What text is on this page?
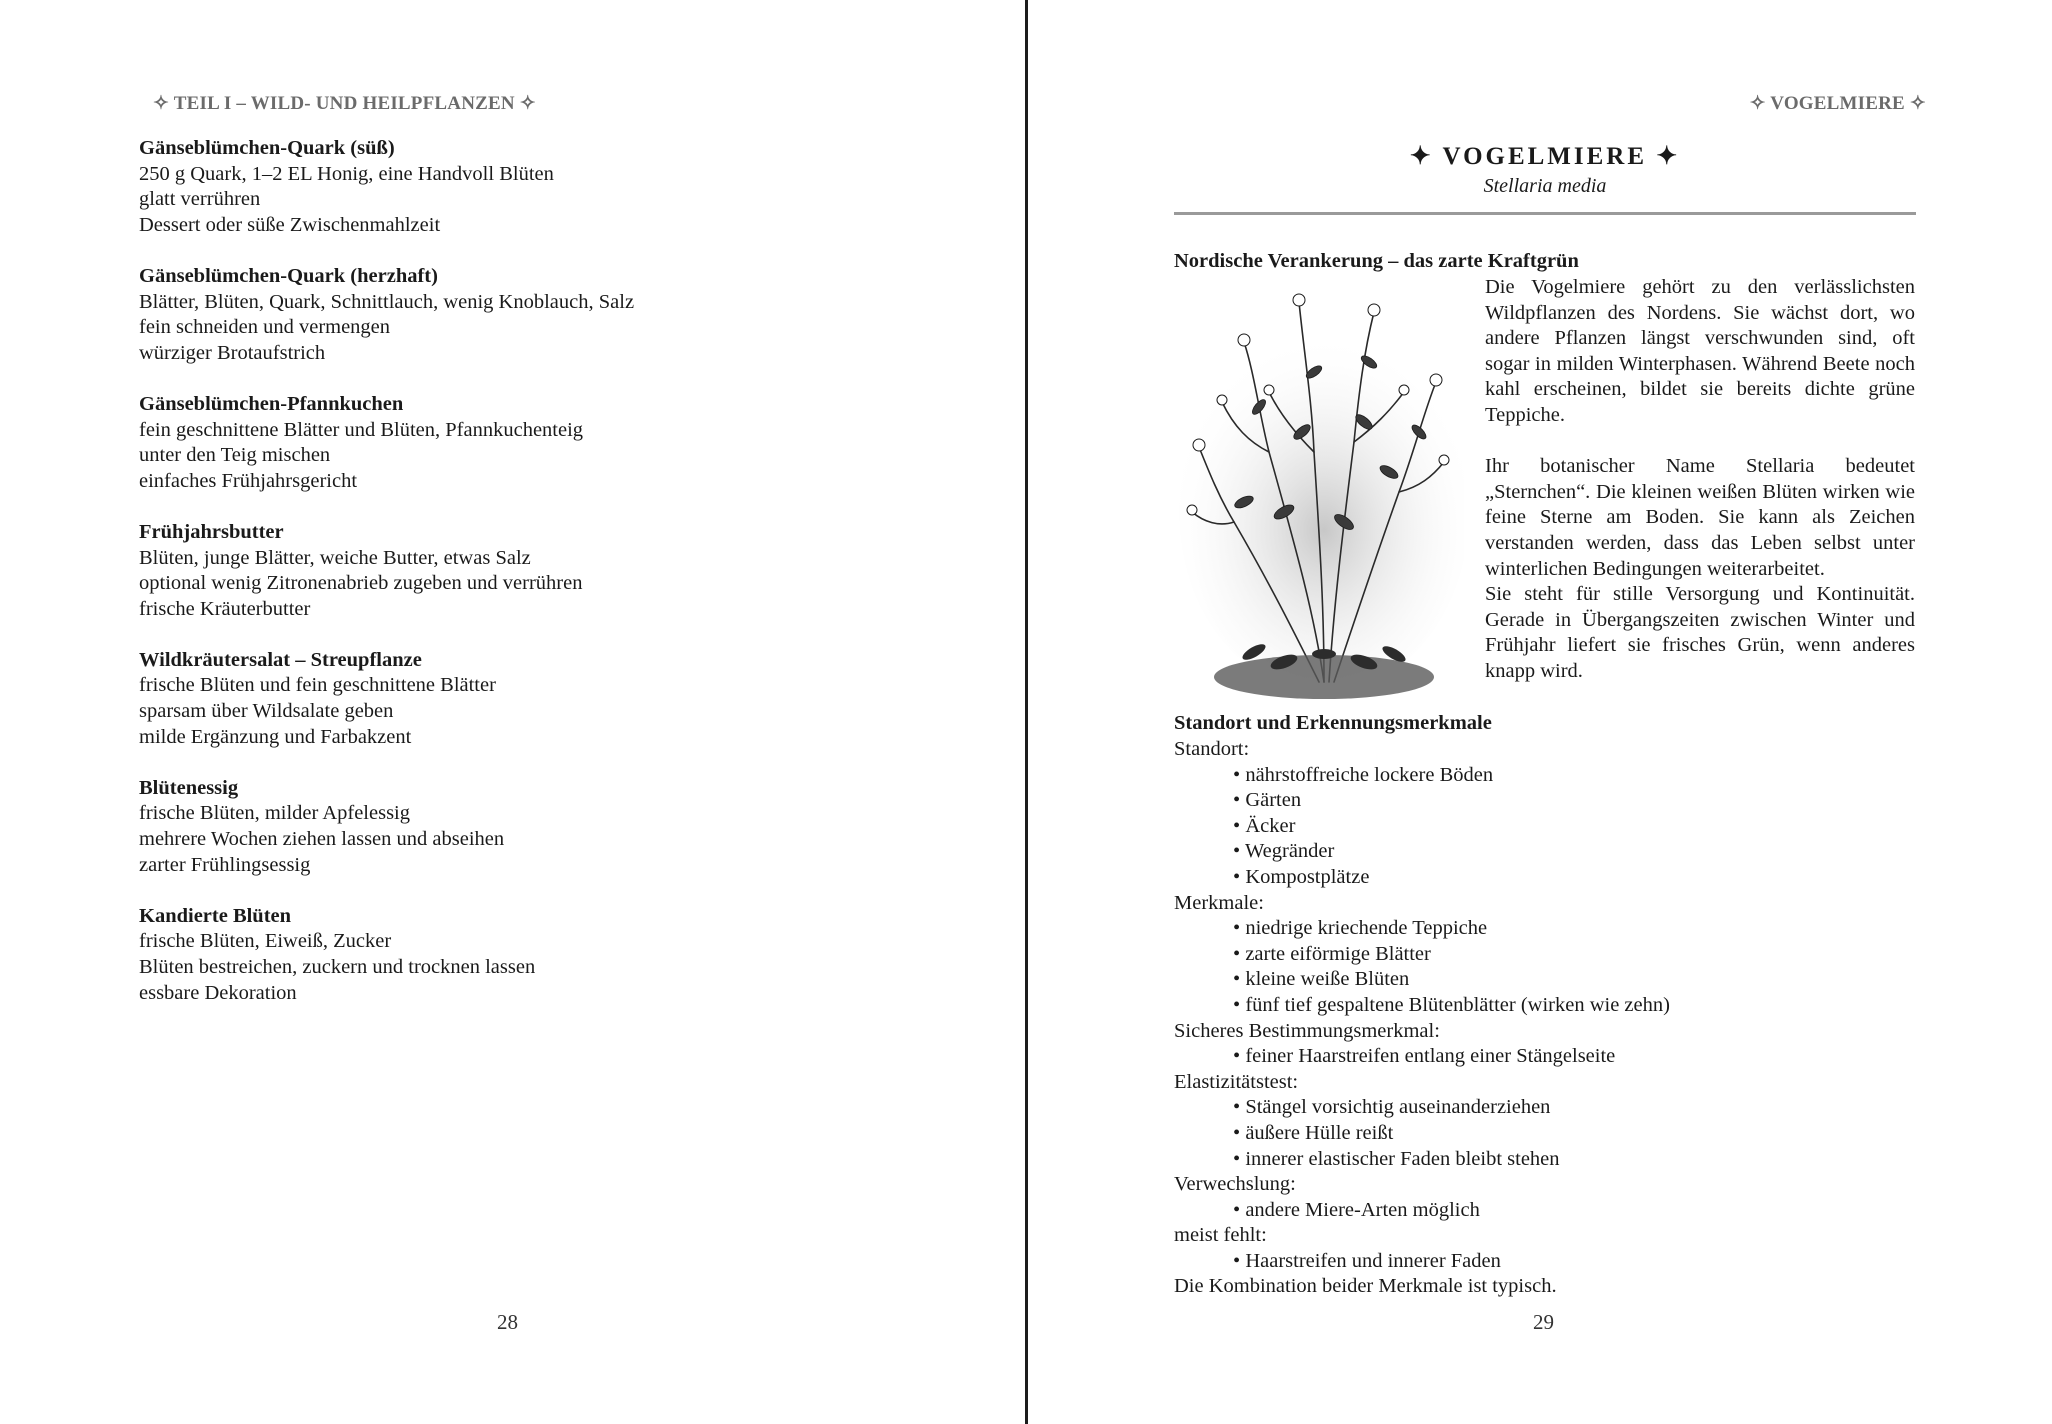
✧ TEIL I – WILD- UND HEILPFLANZEN ✧
Gänseblümchen-Quark (süß)
250 g Quark, 1–2 EL Honig, eine Handvoll Blüten
glatt verrühren
Dessert oder süße Zwischenmahlzeit
Gänseblümchen-Quark (herzhaft)
Blätter, Blüten, Quark, Schnittlauch, wenig Knoblauch, Salz
fein schneiden und vermengen
würziger Brotaufstrich
Gänseblümchen-Pfannkuchen
fein geschnittene Blätter und Blüten, Pfannkuchenteig
unter den Teig mischen
einfaches Frühjahrsgericht
Frühjahrsbutter
Blüten, junge Blätter, weiche Butter, etwas Salz
optional wenig Zitronenabrieb zugeben und verrühren
frische Kräuterbutter
Wildkräutersalat – Streupflanze
frische Blüten und fein geschnittene Blätter
sparsam über Wildsalate geben
milde Ergänzung und Farbakzent
Blütenessig
frische Blüten, milder Apfelessig
mehrere Wochen ziehen lassen und abseihen
zarter Frühlingsessig
Kandierte Blüten
frische Blüten, Eiweiß, Zucker
Blüten bestreichen, zuckern und trocknen lassen
essbare Dekoration
28
✧ VOGELMIERE ✧
✦ VOGELMIERE ✦
Stellaria media
Nordische Verankerung – das zarte Kraftgrün

Die Vogelmiere gehört zu den verlässlichsten Wildpflanzen des Nordens. Sie wächst dort, wo andere Pflanzen längst verschwunden sind, oft sogar in milden Winterphasen. Während Beete noch kahl erscheinen, bildet sie bereits dichte grüne Teppiche.

Ihr botanischer Name Stellaria bedeutet „Sternchen“. Die kleinen weißen Blüten wirken wie feine Sterne am Boden. Sie kann als Zeichen verstanden werden, dass das Leben selbst unter winterlichen Bedingungen weiterarbeitet.

Sie steht für stille Versorgung und Kontinuität. Gerade in Übergangszeiten zwischen Winter und Frühjahr liefert sie frisches Grün, wenn anderes knapp wird.

Standort und Erkennungsmerkmale
Standort:
• nährstoffreiche lockere Böden
• Gärten
• Äcker
• Wegränder
• Kompostplätze
Merkmale:
• niedrige kriechende Teppiche
• zarte eiförmige Blätter
• kleine weiße Blüten
• fünf tief gespaltene Blütenblätter (wirken wie zehn)
Sicheres Bestimmungsmerkmal:
• feiner Haarstreifen entlang einer Stängelseite
Elastizitätstest:
• Stängel vorsichtig auseinanderziehen
• äußere Hülle reißt
• innerer elastischer Faden bleibt stehen
Verwechslung:
• andere Miere-Arten möglich
meist fehlt:
• Haarstreifen und innerer Faden
Die Kombination beider Merkmale ist typisch.
29
